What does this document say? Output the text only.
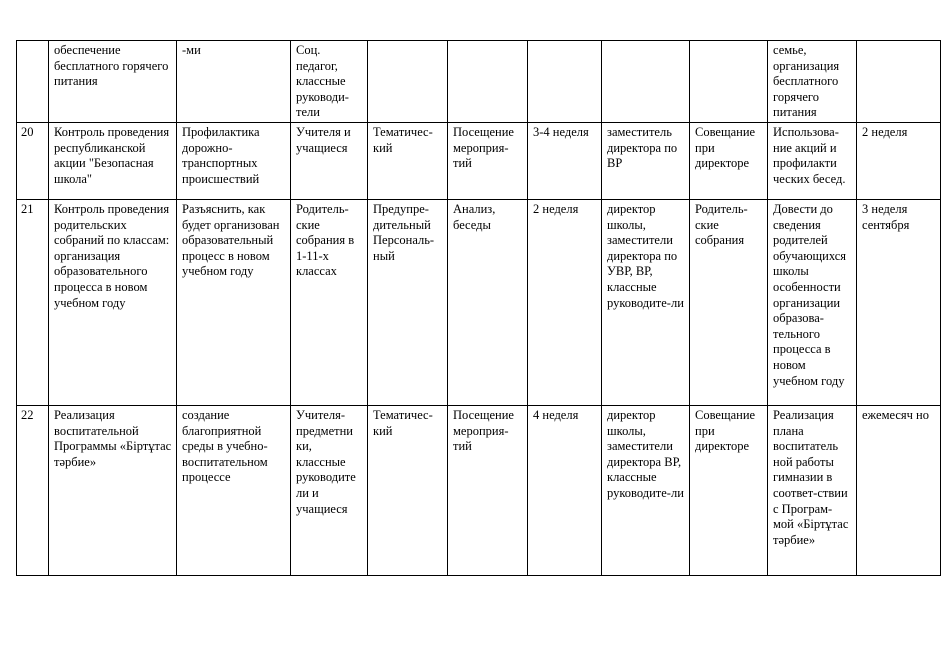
	обеспечение бесплатного горячего питания	-ми	Соц. педагог, классные руководи-тели						семье, организация бесплатного горячего питания	
20	Контроль проведения республиканской акции "Безопасная школа"	Профилактика дорожно-транспортных происшествий	Учителя и учащиеся	Тематичес-кий	Посещение мероприя-тий	3-4 неделя	заместитель директора по ВР	Совещание при директоре	Использова-ние акций и профилакти ческих бесед.	2 неделя
21	Контроль проведения родительских собраний по классам: организация образовательного процесса в новом учебном году	Разъяснить, как будет организован образовательный процесс в новом учебном году	Родитель-ские собрания в 1-11-х классах	Предупре-дительный Персональ-ный	Анализ, беседы	2 неделя	директор школы, заместители директора по УВР, ВР, классные руководите-ли	Родитель-ские собрания	Довести до сведения родителей обучающихся школы особенности организации образова-тельного процесса в новом учебном году	3 неделя сентября
22	Реализация воспитательной Программы «Біртұтас тәрбие»	создание благоприятной среды в учебно-воспитательном процессе	Учителя-предметни ки, классные руководите ли и учащиеся	Тематичес-кий	Посещение мероприя-тий	4 неделя	директор школы, заместители директора ВР, классные руководите-ли	Совещание при директоре	Реализация плана воспитатель ной работы гимназии в соответ-ствии с Програм-мой «Біртұтас тәрбие»	ежемесяч но
